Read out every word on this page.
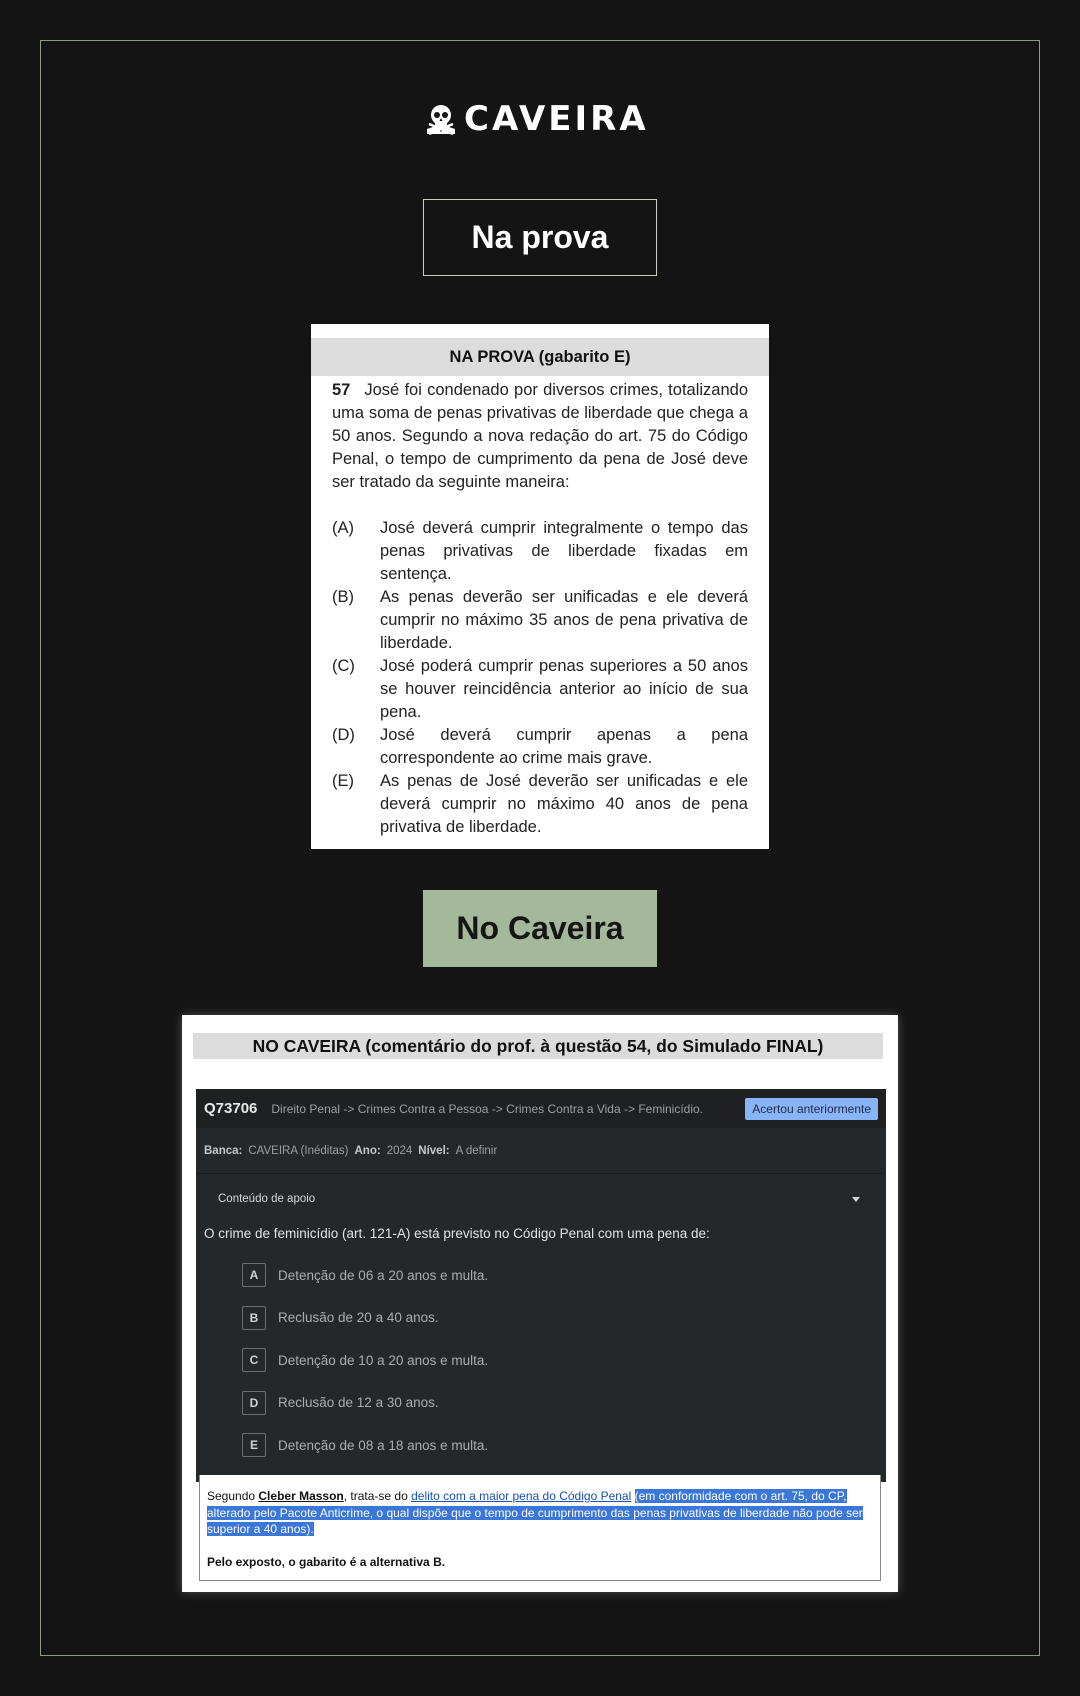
CAVEIRA
Na prova
NA PROVA (gabarito E)
57 José foi condenado por diversos crimes, totalizando uma soma de penas privativas de liberdade que chega a 50 anos. Segundo a nova redação do art. 75 do Código Penal, o tempo de cumprimento da pena de José deve ser tratado da seguinte maneira:
(A)	José deverá cumprir integralmente o tempo das penas privativas de liberdade fixadas em sentença.
(B)	As penas deverão ser unificadas e ele deverá cumprir no máximo 35 anos de pena privativa de liberdade.
(C)	José poderá cumprir penas superiores a 50 anos se houver reincidência anterior ao início de sua pena.
(D)	José deverá cumprir apenas a pena correspondente ao crime mais grave.
(E)	As penas de José deverão ser unificadas e ele deverá cumprir no máximo 40 anos de pena privativa de liberdade.
No Caveira
NO CAVEIRA (comentário do prof. à questão 54, do Simulado FINAL)
Q73706 Direito Penal -> Crimes Contra a Pessoa -> Crimes Contra a Vida -> Feminicídio.	Acertou anteriormente
Banca: CAVEIRA (Inéditas) Ano: 2024 Nível: A definir
Conteúdo de apoio
O crime de feminicídio (art. 121-A) está previsto no Código Penal com uma pena de:
A	Detenção de 06 a 20 anos e multa.
B	Reclusão de 20 a 40 anos.
C	Detenção de 10 a 20 anos e multa.
D	Reclusão de 12 a 30 anos.
E	Detenção de 08 a 18 anos e multa.
Segundo Cleber Masson, trata-se do delito com a maior pena do Código Penal (em conformidade com o art. 75, do CP, alterado pelo Pacote Anticrime, o qual dispõe que o tempo de cumprimento das penas privativas de liberdade não pode ser superior a 40 anos).
Pelo exposto, o gabarito é a alternativa B.
